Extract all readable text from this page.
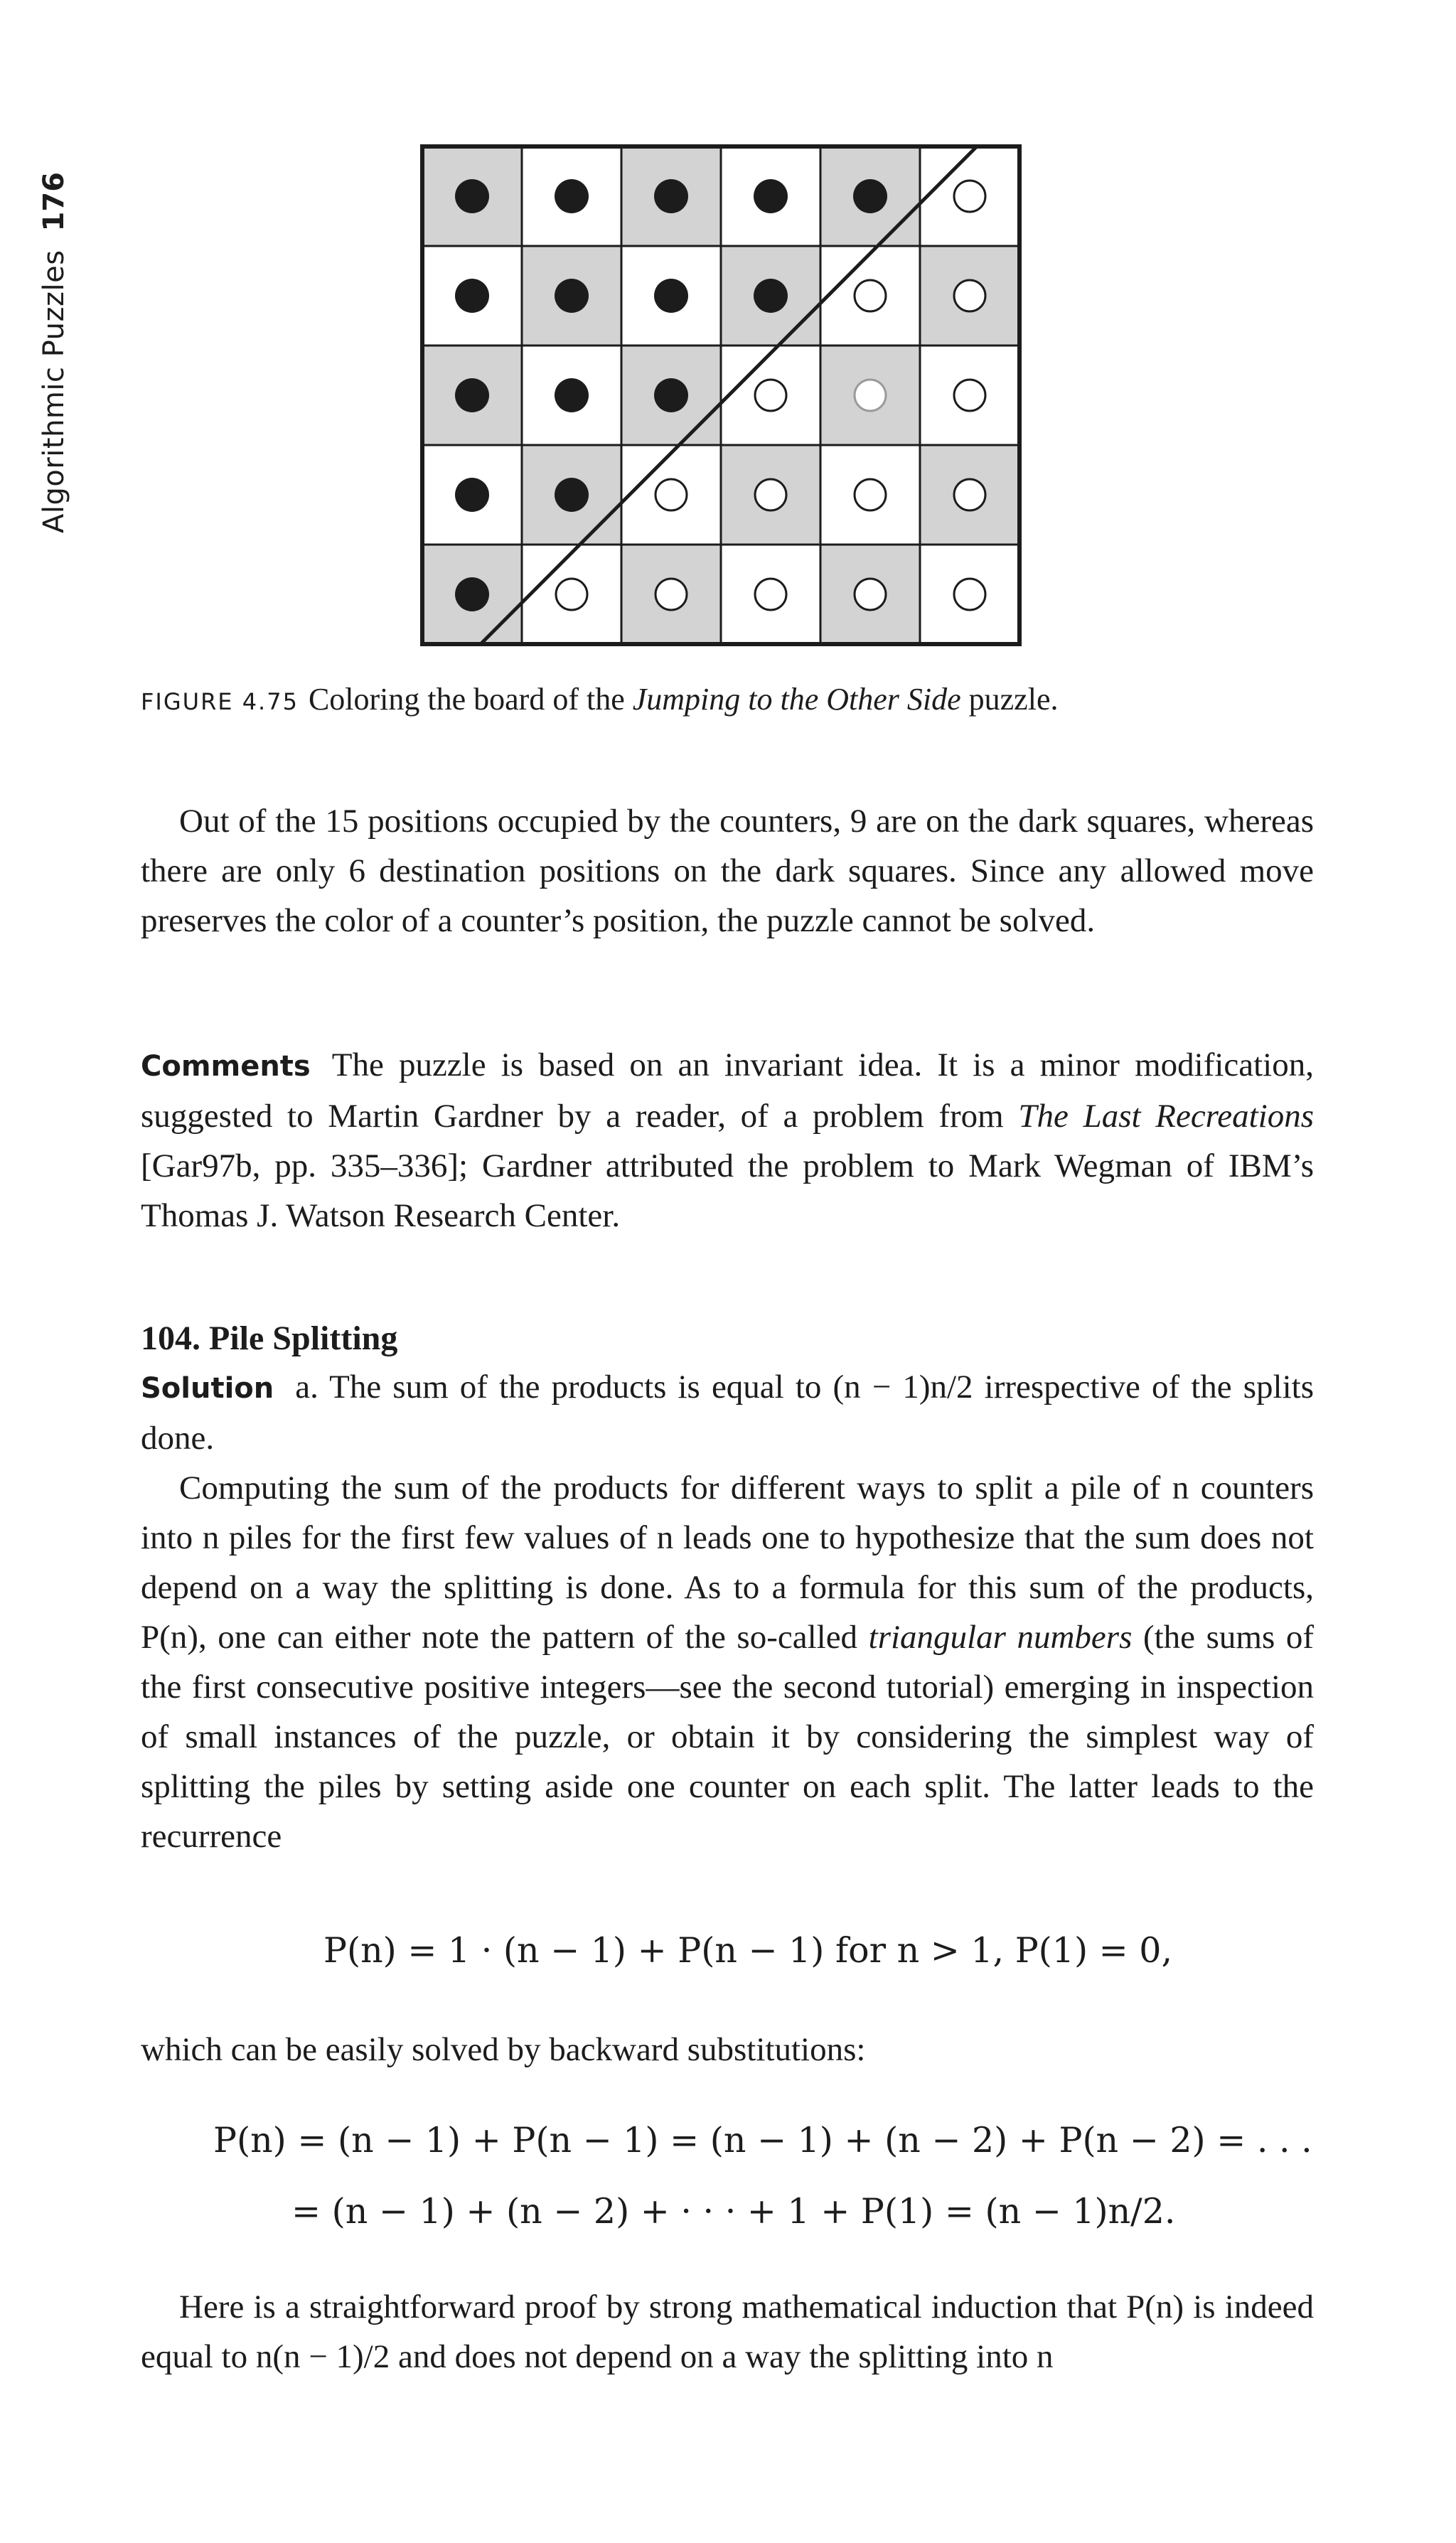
176
Algorithmic Puzzles
FIGURE 4.75 Coloring the board of the Jumping to the Other Side puzzle.

Out of the 15 positions occupied by the counters, 9 are on the dark squares, whereas there are only 6 destination positions on the dark squares. Since any allowed move preserves the color of a counter’s position, the puzzle cannot be solved.

Comments The puzzle is based on an invariant idea. It is a minor modification, suggested to Martin Gardner by a reader, of a problem from The Last Recreations [Gar97b, pp. 335–336]; Gardner attributed the problem to Mark Wegman of IBM’s Thomas J. Watson Research Center.

104. Pile Splitting

Solution a. The sum of the products is equal to (n − 1)n/2 irrespective of the splits done.

Computing the sum of the products for different ways to split a pile of n counters into n piles for the first few values of n leads one to hypothesize that the sum does not depend on a way the splitting is done. As to a formula for this sum of the products, P(n), one can either note the pattern of the so-called triangular numbers (the sums of the first consecutive positive integers—see the second tutorial) emerging in inspection of small instances of the puzzle, or obtain it by considering the simplest way of splitting the piles by setting aside one counter on each split. The latter leads to the recurrence

P(n) = 1 · (n − 1) + P(n − 1) for n > 1, P(1) = 0,

which can be easily solved by backward substitutions:

P(n) = (n − 1) + P(n − 1) = (n − 1) + (n − 2) + P(n − 2) = . . .
= (n − 1) + (n − 2) + · · · + 1 + P(1) = (n − 1)n/2.

Here is a straightforward proof by strong mathematical induction that P(n) is indeed equal to n(n − 1)/2 and does not depend on a way the splitting into n
